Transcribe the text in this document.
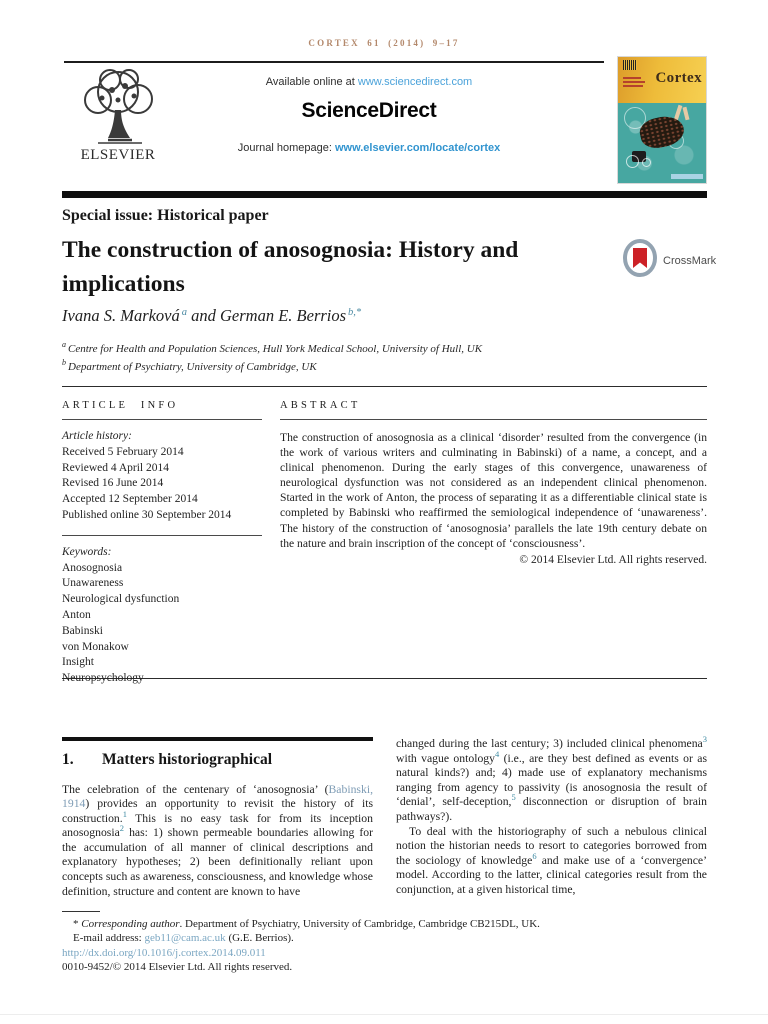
CORTEX 61 (2014) 9–17
ELSEVIER
Available online at www.sciencedirect.com
ScienceDirect
Journal homepage: www.elsevier.com/locate/cortex
Cortex
Special issue: Historical paper
The construction of anosognosia: History and implications
CrossMark
Ivana S. Marková $^a$ and German E. Berrios $^{b,*}$
$^a$ Centre for Health and Population Sciences, Hull York Medical School, University of Hull, UK
$^b$ Department of Psychiatry, University of Cambridge, UK
ARTICLE INFO
Article history:
Received 5 February 2014
Reviewed 4 April 2014
Revised 16 June 2014
Accepted 12 September 2014
Published online 30 September 2014
Keywords:
Anosognosia
Unawareness
Neurological dysfunction
Anton
Babinski
von Monakow
Insight
Neuropsychology
ABSTRACT
The construction of anosognosia as a clinical ‘disorder’ resulted from the convergence (in the work of various writers and culminating in Babinski) of a name, a concept, and a clinical phenomenon. During the early stages of this convergence, unawareness of neurological dysfunction was not considered as an independent clinical phenomenon. Started in the work of Anton, the process of separating it as a differentiable clinical state is completed by Babinski who reaffirmed the semiological independence of ‘unawareness’. The history of the construction of ‘anosognosia’ parallels the late 19th century debate on the nature and brain inscription of the concept of ‘consciousness’.
© 2014 Elsevier Ltd. All rights reserved.
1.	Matters historiographical
The celebration of the centenary of ‘anosognosia’ (Babinski, 1914) provides an opportunity to revisit the history of its construction.$^1$ This is no easy task for from its inception anosognosia$^2$ has: 1) shown permeable boundaries allowing for the accumulation of all manner of clinical descriptions and explanatory hypotheses; 2) been definitionally reliant upon concepts such as awareness, consciousness, and knowledge whose definition, structure and content are known to have
changed during the last century; 3) included clinical phenomena$^3$ with vague ontology$^4$ (i.e., are they best defined as events or as natural kinds?) and; 4) made use of explanatory mechanisms ranging from agency to passivity (is anosognosia the result of ‘denial’, self-deception,$^5$ disconnection or disruption of brain pathways?).
To deal with the historiography of such a nebulous clinical notion the historian needs to resort to categories borrowed from the sociology of knowledge$^6$ and make use of a ‘convergence’ model. According to the latter, clinical categories result from the conjunction, at a given historical time,
* Corresponding author. Department of Psychiatry, University of Cambridge, Cambridge CB215DL, UK.
E-mail address: geb11@cam.ac.uk (G.E. Berrios).
http://dx.doi.org/10.1016/j.cortex.2014.09.011
0010-9452/© 2014 Elsevier Ltd. All rights reserved.
